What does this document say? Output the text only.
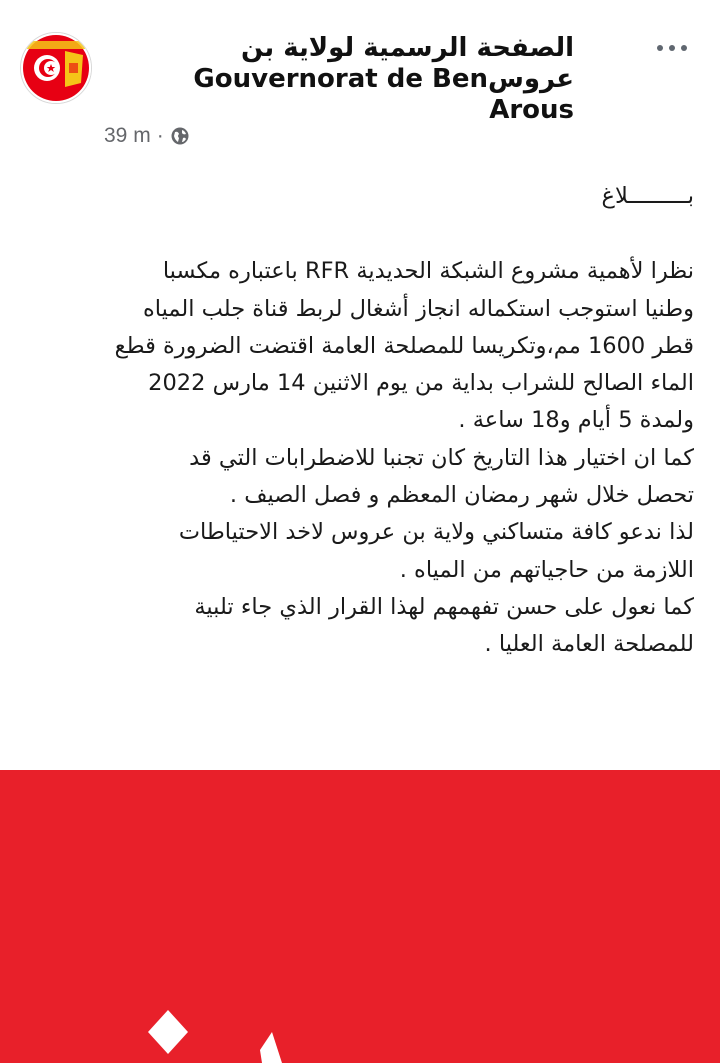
الصفحة الرسمية لولاية بن عروسGouvernorat de Ben Arous
39 m ·
بـــــــــلاغ
نظرا لأهمية مشروع الشبكة الحديدية RFR باعتباره مكسبا
وطنيا استوجب استكماله انجاز أشغال لربط قناة جلب المياه
قطر 1600 مم،وتكريسا للمصلحة العامة اقتضت الضرورة قطع
الماء الصالح للشراب بداية من يوم الاثنين 14 مارس 2022
ولمدة 5 أيام و18 ساعة .
كما ان اختيار هذا التاريخ كان تجنبا للاضطرابات التي قد
تحصل خلال شهر رمضان المعظم و فصل الصيف .
لذا ندعو كافة متساكني ولاية بن عروس لاخد الاحتياطات
اللازمة من حاجياتهم من المياه .
كما نعول على حسن تفهمهم لهذا القرار الذي جاء تلبية
للمصلحة العامة العليا .
